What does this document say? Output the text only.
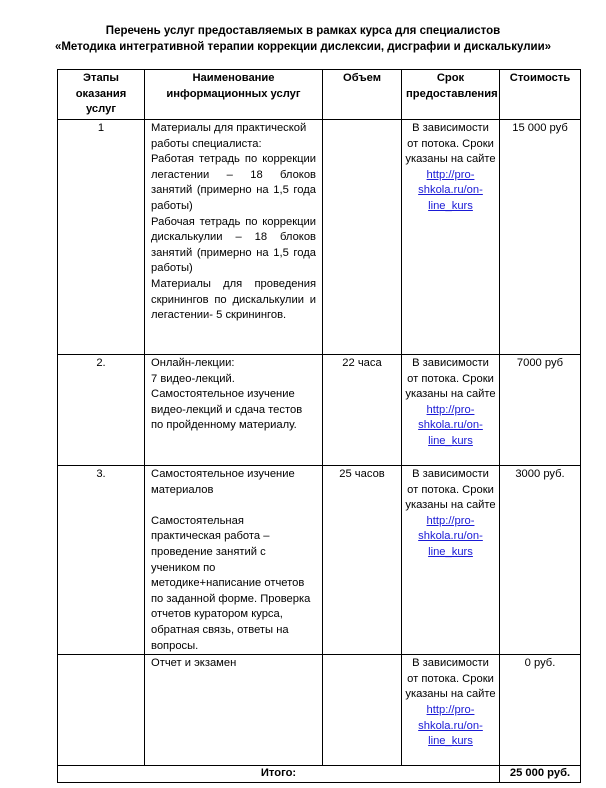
Перечень услуг предоставляемых в рамках курса для специалистов
«Методика интегративной терапии коррекции дислексии, дисграфии и дискалькулии»
Этапы оказания услуг	Наименование информационных услуг	Объем	Срок предоставления	Стоимость
1	Материалы для практической работы специалиста:
Работая тетрадь по коррекции легастении – 18 блоков занятий (примерно на 1,5 года работы)
Рабочая тетрадь по коррекции дискалькулии – 18 блоков занятий (примерно на 1,5 года работы)
Материалы для проведения скринингов по дискалькулии и легастении- 5 скринингов.		В зависимости от потока. Сроки указаны на сайте http://pro- shkola.ru/on- line_kurs	15 000 руб
2.	Онлайн-лекции:
7 видео-лекций.
Самостоятельное изучение видео-лекций и сдача тестов по пройденному материалу.	22 часа	В зависимости от потока. Сроки указаны на сайте http://pro- shkola.ru/on- line_kurs	7000 руб
3.	Самостоятельное изучение материалов
Самостоятельная практическая работа – проведение занятий с учеником по методике+написание отчетов по заданной форме. Проверка отчетов куратором курса, обратная связь, ответы на вопросы.	25 часов	В зависимости от потока. Сроки указаны на сайте http://pro- shkola.ru/on- line_kurs	3000 руб.

	Отчет и экзамен		В зависимости от потока. Сроки указаны на сайте http://pro- shkola.ru/on- line_kurs	0 руб.
Итого:				25 000 руб.
